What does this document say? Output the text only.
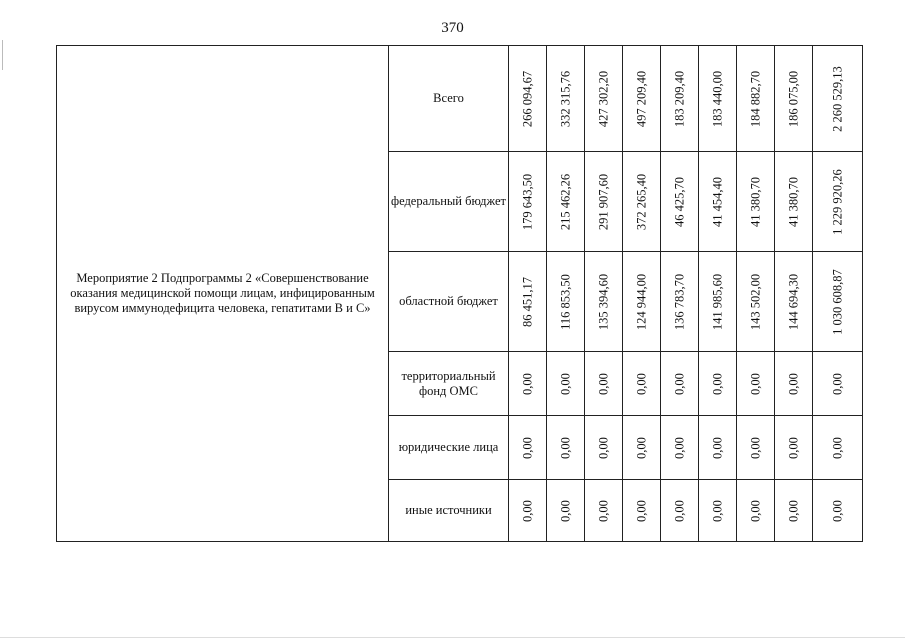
370
Мероприятие 2 Подпрограммы 2 «Совершенствование оказания медицинской помощи лицам, инфицированным вирусом иммунодефицита человека, гепатитами В и С»	Всего	266 094,67	332 315,76	427 302,20	497 209,40	183 209,40	183 440,00	184 882,70	186 075,00	2 260 529,13

	федеральный бюджет	179 643,50	215 462,26	291 907,60	372 265,40	46 425,70	41 454,40	41 380,70	41 380,70	1 229 920,26

	областной бюджет	86 451,17	116 853,50	135 394,60	124 944,00	136 783,70	141 985,60	143 502,00	144 694,30	1 030 608,87

	территориальный фонд ОМС	0,00	0,00	0,00	0,00	0,00	0,00	0,00	0,00	0,00

	юридические лица	0,00	0,00	0,00	0,00	0,00	0,00	0,00	0,00	0,00

	иные источники	0,00	0,00	0,00	0,00	0,00	0,00	0,00	0,00	0,00
